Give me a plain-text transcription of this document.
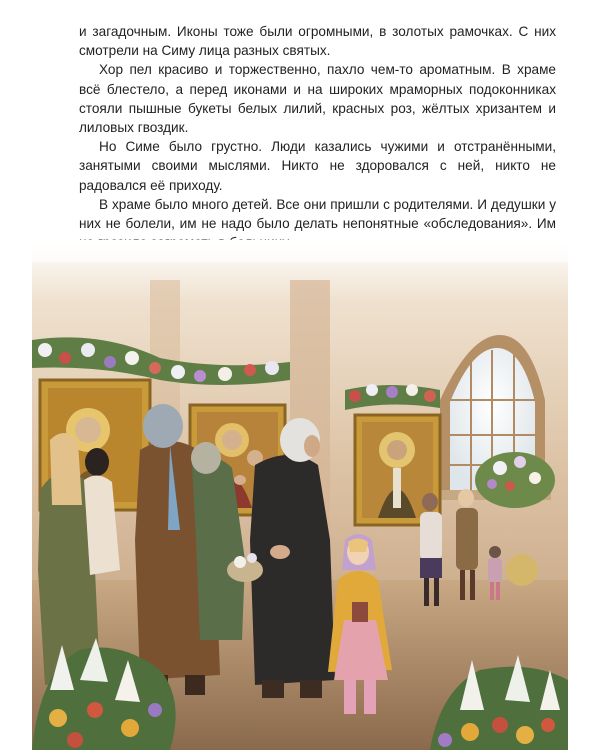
и загадочным. Иконы тоже были огромными, в золотых рамочках. С них смотрели на Симу лица разных святых.

Хор пел красиво и торжественно, пахло чем-то ароматным. В храме всё блестело, а перед иконами и на широких мраморных подоконниках стояли пышные букеты белых лилий, красных роз, жёлтых хризантем и лиловых гвоздик.

Но Симе было грустно. Люди казались чужими и отстранёнными, занятыми своими мыслями. Никто не здоровался с ней, никто не радовался её приходу.

В храме было много детей. Все они пришли с родителями. И дедушки у них не болели, им не надо было делать непонятные «обследования». Им
